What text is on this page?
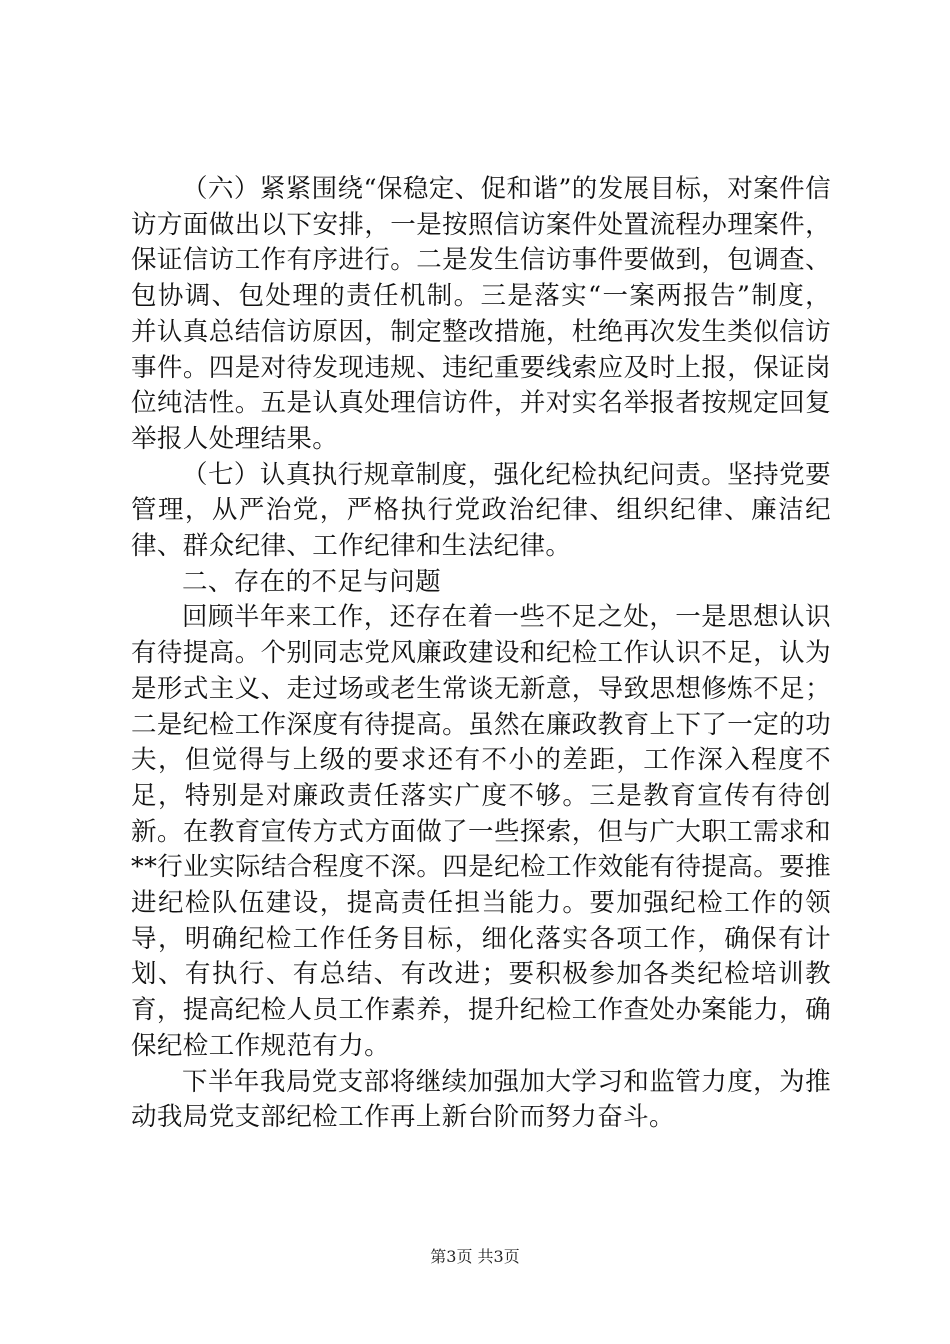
（六）紧紧围绕“保稳定、促和谐”的发展目标，对案件信访方面做出以下安排，一是按照信访案件处置流程办理案件，保证信访工作有序进行。二是发生信访事件要做到，包调查、包协调、包处理的责任机制。三是落实“一案两报告”制度，并认真总结信访原因，制定整改措施，杜绝再次发生类似信访事件。四是对待发现违规、违纪重要线索应及时上报，保证岗位纯洁性。五是认真处理信访件，并对实名举报者按规定回复举报人处理结果。

（七）认真执行规章制度，强化纪检执纪问责。坚持党要管理，从严治党，严格执行党政治纪律、组织纪律、廉洁纪律、群众纪律、工作纪律和生法纪律。

二、存在的不足与问题

回顾半年来工作，还存在着一些不足之处，一是思想认识有待提高。个别同志党风廉政建设和纪检工作认识不足，认为是形式主义、走过场或老生常谈无新意，导致思想修炼不足；二是纪检工作深度有待提高。虽然在廉政教育上下了一定的功夫，但觉得与上级的要求还有不小的差距，工作深入程度不足，特别是对廉政责任落实广度不够。三是教育宣传有待创新。在教育宣传方式方面做了一些探索，但与广大职工需求和**行业实际结合程度不深。四是纪检工作效能有待提高。要推进纪检队伍建设，提高责任担当能力。要加强纪检工作的领导，明确纪检工作任务目标，细化落实各项工作，确保有计划、有执行、有总结、有改进；要积极参加各类纪检培训教育，提高纪检人员工作素养，提升纪检工作查处办案能力，确保纪检工作规范有力。

下半年我局党支部将继续加强加大学习和监管力度，为推动我局党支部纪检工作再上新台阶而努力奋斗。

第3页 共3页
